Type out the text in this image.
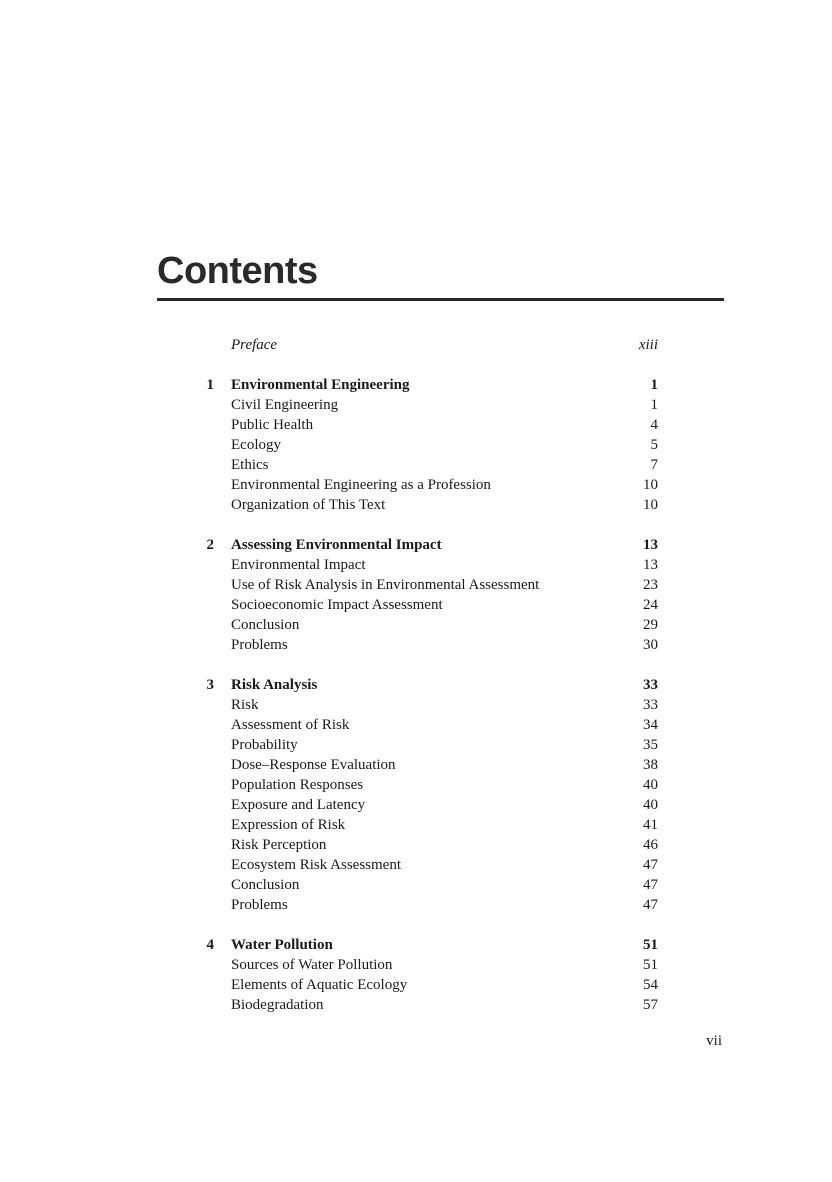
Contents
Preface	xiii
1 Environmental Engineering	1
Civil Engineering	1
Public Health	4
Ecology	5
Ethics	7
Environmental Engineering as a Profession	10
Organization of This Text	10
2 Assessing Environmental Impact	13
Environmental Impact	13
Use of Risk Analysis in Environmental Assessment	23
Socioeconomic Impact Assessment	24
Conclusion	29
Problems	30
3 Risk Analysis	33
Risk	33
Assessment of Risk	34
Probability	35
Dose–Response Evaluation	38
Population Responses	40
Exposure and Latency	40
Expression of Risk	41
Risk Perception	46
Ecosystem Risk Assessment	47
Conclusion	47
Problems	47
4 Water Pollution	51
Sources of Water Pollution	51
Elements of Aquatic Ecology	54
Biodegradation	57
vii
